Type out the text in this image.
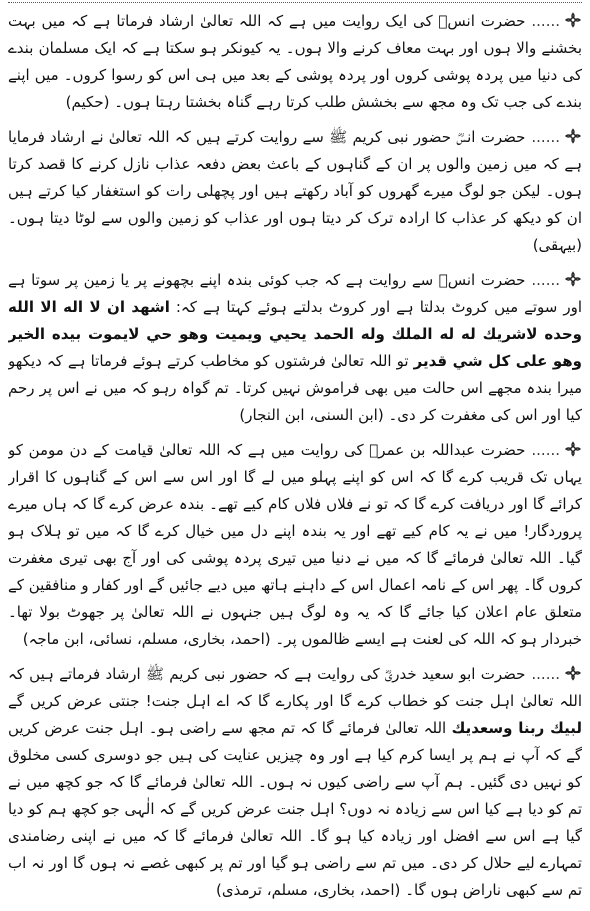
......حضرت انسؓ کی ایک روایت میں ہے کہ اللہ تعالیٰ ارشاد فرماتا ہے کہ میں بہت بخشنے والا ہوں اور بہت معاف کرنے والا ہوں۔ یہ کیونکر ہو سکتا ہے کہ ایک مسلمان بندے کی دنیا میں پردہ پوشی کروں اور پردہ پوشی کے بعد میں ہی اس کو رسوا کروں۔ میں اپنے بندے کی جب تک وہ مجھ سے بخشش طلب کرتا رہے گناہ بخشتا رہتا ہوں۔ (حکیم)

......حضرت انسؓ حضور نبی کریم ﷺ سے روایت کرتے ہیں کہ اللہ تعالیٰ نے ارشاد فرمایا ہے کہ میں زمین والوں پر ان کے گناہوں کے باعث بعض دفعہ عذاب نازل کرنے کا قصد کرتا ہوں۔ لیکن جو لوگ میرے گھروں کو آباد رکھتے ہیں اور پچھلی رات کو استغفار کیا کرتے ہیں ان کو دیکھ کر عذاب کا ارادہ ترک کر دیتا ہوں اور عذاب کو زمین والوں سے لوٹا دیتا ہوں۔ (بیہقی)

......حضرت انسؓ سے روایت ہے کہ جب کوئی بندہ اپنے بچھونے پر یا زمین پر سوتا ہے اور سوتے میں کروٹ بدلتا ہے اور کروٹ بدلتے ہوئے کہتا ہے کہ: اشهد ان لا اله الا الله وحده لاشريك له له الملك وله الحمد يحيي ويميت وهو حي لايموت بيده الخير وهو على كل شي قدير تو اللہ تعالیٰ فرشتوں کو مخاطب کرتے ہوئے فرماتا ہے کہ دیکھو میرا بندہ مجھے اس حالت میں بھی فراموش نہیں کرتا۔ تم گواہ رہو کہ میں نے اس پر رحم کیا اور اس کی مغفرت کر دی۔ (ابن السنی، ابن النجار)

......حضرت عبداللہ بن عمرؓ کی روایت میں ہے کہ اللہ تعالیٰ قیامت کے دن مومن کو یہاں تک قریب کرے گا کہ اس کو اپنے پہلو میں لے گا اور اس سے اس کے گناہوں کا اقرار کرائے گا اور دریافت کرے گا کہ تو نے فلاں فلاں کام کیے تھے۔ بندہ عرض کرے گا کہ ہاں میرے پروردگار! میں نے یہ کام کیے تھے اور یہ بندہ اپنے دل میں خیال کرے گا کہ میں تو ہلاک ہو گیا۔ اللہ تعالیٰ فرمائے گا کہ میں نے دنیا میں تیری پردہ پوشی کی اور آج بھی تیری مغفرت کروں گا۔ پھر اس کے نامہ اعمال اس کے داہنے ہاتھ میں دیے جائیں گے اور کفار و منافقین کے متعلق عام اعلان کیا جائے گا کہ یہ وہ لوگ ہیں جنہوں نے اللہ تعالیٰ پر جھوٹ بولا تھا۔ خبردار ہو کہ اللہ کی لعنت ہے ایسے ظالموں پر۔ (احمد، بخاری، مسلم، نسائی، ابن ماجہ)

......حضرت ابو سعید خدریؓ کی روایت ہے کہ حضور نبی کریم ﷺ ارشاد فرماتے ہیں کہ اللہ تعالیٰ اہل جنت کو خطاب کرے گا اور پکارے گا کہ اے اہل جنت! جنتی عرض کریں گے لبيك ربنا وسعديك اللہ تعالیٰ فرمائے گا کہ تم مجھ سے راضی ہو۔ اہل جنت عرض کریں گے کہ آپ نے ہم پر ایسا کرم کیا ہے اور وہ چیزیں عنایت کی ہیں جو دوسری کسی مخلوق کو نہیں دی گئیں۔ ہم آپ سے راضی کیوں نہ ہوں۔ اللہ تعالیٰ فرمائے گا کہ جو کچھ میں نے تم کو دیا ہے کیا اس سے زیادہ نہ دوں؟ اہل جنت عرض کریں گے کہ الٰہی جو کچھ ہم کو دیا گیا ہے اس سے افضل اور زیادہ کیا ہو گا۔ اللہ تعالیٰ فرمائے گا کہ میں نے اپنی رضامندی تمہارے لیے حلال کر دی۔ میں تم سے راضی ہو گیا اور تم پر کبھی غصے نہ ہوں گا اور نہ اب تم سے کبھی ناراض ہوں گا۔ (احمد، بخاری، مسلم، ترمذی)
